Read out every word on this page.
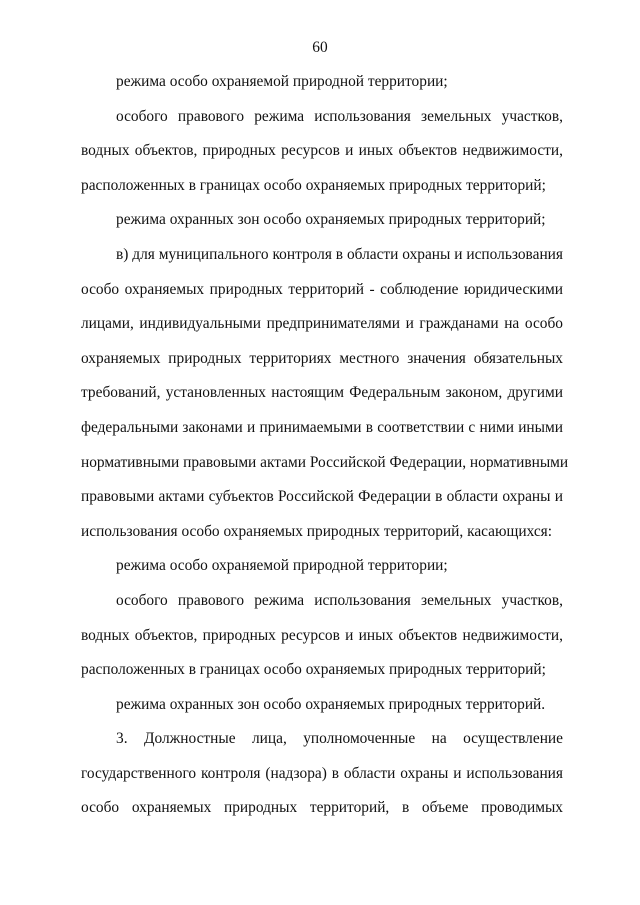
60
режима особо охраняемой природной территории;
особого правового режима использования земельных участков,
водных объектов, природных ресурсов и иных объектов недвижимости,
расположенных в границах особо охраняемых природных территорий;
режима охранных зон особо охраняемых природных территорий;
в) для муниципального контроля в области охраны и использования
особо охраняемых природных территорий - соблюдение юридическими
лицами, индивидуальными предпринимателями и гражданами на особо
охраняемых природных территориях местного значения обязательных
требований, установленных настоящим Федеральным законом, другими
федеральными законами и принимаемыми в соответствии с ними иными
нормативными правовыми актами Российской Федерации, нормативными
правовыми актами субъектов Российской Федерации в области охраны и
использования особо охраняемых природных территорий, касающихся:
режима особо охраняемой природной территории;
особого правового режима использования земельных участков,
водных объектов, природных ресурсов и иных объектов недвижимости,
расположенных в границах особо охраняемых природных территорий;
режима охранных зон особо охраняемых природных территорий.
3. Должностные лица, уполномоченные на осуществление
государственного контроля (надзора) в области охраны и использования
особо охраняемых природных территорий, в объеме проводимых
